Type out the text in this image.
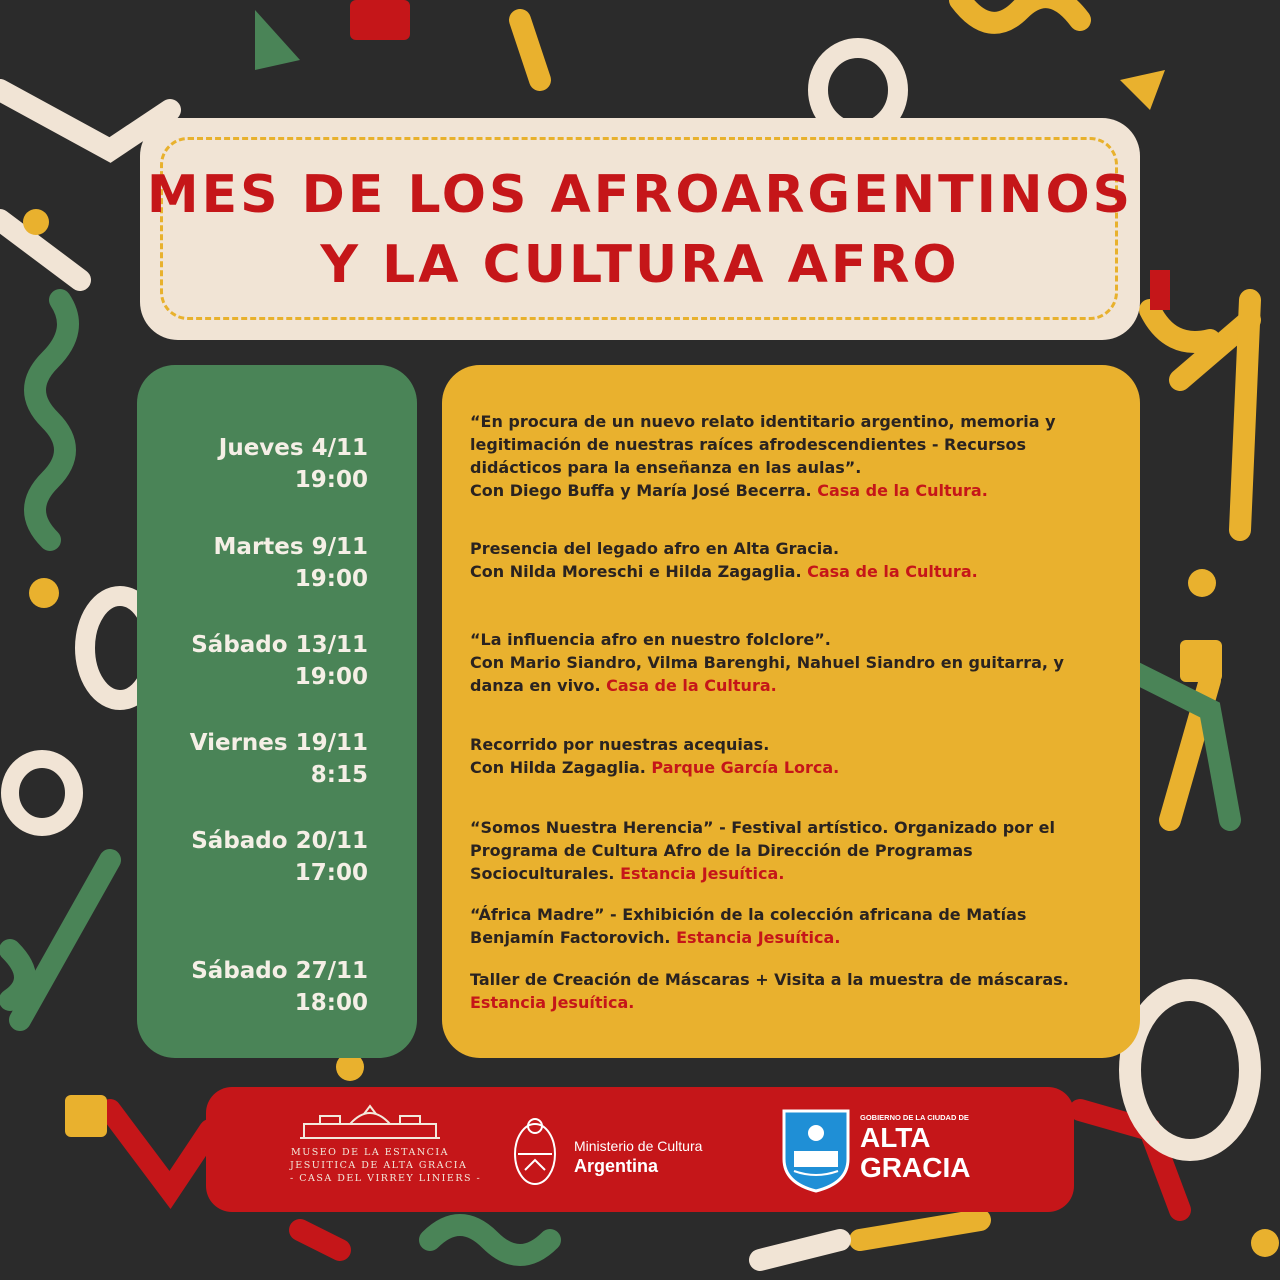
MES DE LOS AFROARGENTINOS
Y LA CULTURA AFRO
Jueves 4/11
19:00
Martes 9/11
19:00
Sábado 13/11
19:00
Viernes 19/11
8:15
Sábado 20/11
17:00
Sábado 27/11
18:00
“En procura de un nuevo relato identitario argentino, memoria y legitimación de nuestras raíces afrodescendientes - Recursos didácticos para la enseñanza en las aulas”.
Con Diego Buffa y María José Becerra. Casa de la Cultura.
Presencia del legado afro en Alta Gracia.
Con Nilda Moreschi e Hilda Zagaglia. Casa de la Cultura.
“La influencia afro en nuestro folclore”.
Con Mario Siandro, Vilma Barenghi, Nahuel Siandro en guitarra, y danza en vivo. Casa de la Cultura.
Recorrido por nuestras acequias.
Con Hilda Zagaglia. Parque García Lorca.
“Somos Nuestra Herencia” - Festival artístico. Organizado por el Programa de Cultura Afro de la Dirección de Programas Socioculturales. Estancia Jesuítica.
“África Madre” - Exhibición de la colección africana de Matías Benjamín Factorovich. Estancia Jesuítica.
Taller de Creación de Máscaras + Visita a la muestra de máscaras.
Estancia Jesuítica.
MUSEO DE LA ESTANCIA
JESUITICA DE ALTA GRACIA
- CASA DEL VIRREY LINIERS -
Ministerio de Cultura
Argentina
GOBIERNO DE LA CIUDAD DE
ALTA
GRACIA
